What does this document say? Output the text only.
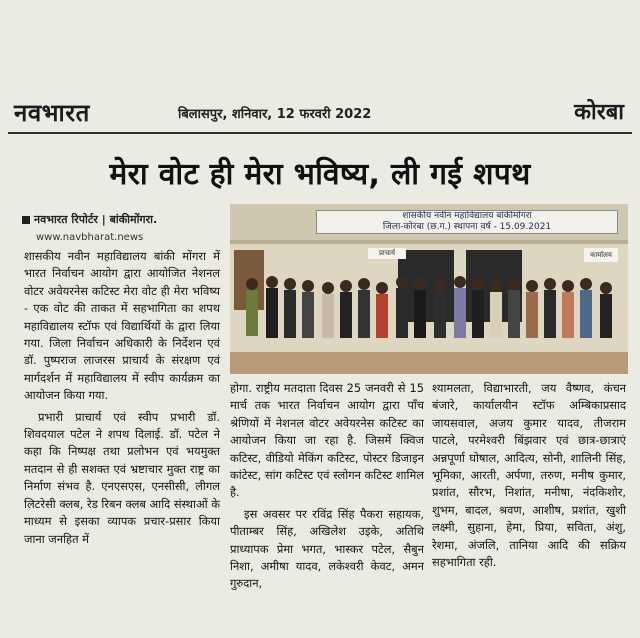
नवभारत	बिलासपुर, शनिवार, 12 फरवरी 2022	कोरबा
मेरा वोट ही मेरा भविष्य, ली गई शपथ
नवभारत रिपोर्टर | बांकीमोंगरा.
www.navbharat.news
शासकीय नवीन महाविद्यालय बांकीमोंगरा
जिला-कोरबा (छ.ग.) स्थापना वर्ष - 15.09.2021
प्राचार्य	कार्यालय

शासकीय नवीन महाविद्यालय बांकी मोंगरा में भारत निर्वाचन आयोग द्वारा आयोजित नेशनल वोटर अवेयरनेस कटिस्ट मेरा वोट ही मेरा भविष्य - एक वोट की ताकत में सहभागिता का शपथ महाविद्यालय स्टॉफ एवं विद्यार्थियों के द्वारा लिया गया. जिला निर्वाचन अधिकारी के निर्देशन एवं डॉ. पुष्पराज लाजरस प्राचार्य के संरक्षण एवं मार्गदर्शन में महाविद्यालय में स्वीप कार्यक्रम का आयोजन किया गया.

प्रभारी प्राचार्य एवं स्वीप प्रभारी डॉ. शिवदयाल पटेल ने शपथ दिलाई. डॉ. पटेल ने कहा कि निष्पक्ष तथा प्रलोभन एवं भयमुक्त मतदान से ही सशक्त एवं भ्रष्टाचार मुक्त राष्ट्र का निर्माण संभव है. एनएसएस, एनसीसी, लीगल लिटरेसी क्लब, रेड रिबन क्लब आदि संस्थाओं के माध्यम से इसका व्यापक प्रचार-प्रसार किया जाना जनहित में

होगा. राष्ट्रीय मतदाता दिवस 25 जनवरी से 15 मार्च तक भारत निर्वाचन आयोग द्वारा पाँच श्रेणियों में नेशनल वोटर अवेयरनेस कटिस्ट का आयोजन किया जा रहा है. जिसमें क्विज कटिस्ट, वीडियो मेकिंग कटिस्ट, पोस्टर डिजाइन कांटेस्ट, सांग कटिस्ट एवं स्लोगन कटिस्ट शामिल है.

इस अवसर पर रविंद्र सिंह पैकरा सहायक, पीताम्बर सिंह, अखिलेश उइके, अतिथि प्राध्यापक प्रेमा भगत, भास्कर पटेल, सैबुन निशा, अमीषा यादव, लकेश्वरी केवट, अमन गुरुदान,

श्यामलता, विद्याभारती, जय वैष्णव, कंचन बंजारे, कार्यालयीन स्टॉफ अम्बिकाप्रसाद जायसवाल, अजय कुमार यादव, तीजराम पाटले, परमेश्वरी बिंझवार एवं छात्र-छात्राएं अन्नपूर्णा घोषाल, आदित्य, सोनी, शालिनी सिंह, भूमिका, आरती, अर्पणा, तरुण, मनीष कुमार, प्रशांत, सौरभ, निशांत, मनीषा, नंदकिशोर, शुभम, बादल, श्रवण, आशीष, प्रशांत, खुशी लक्ष्मी, सुहाना, हेमा, प्रिया, सविता, अंशु, रेशमा, अंजलि, तानिया आदि की सक्रिय सहभागिता रही.
